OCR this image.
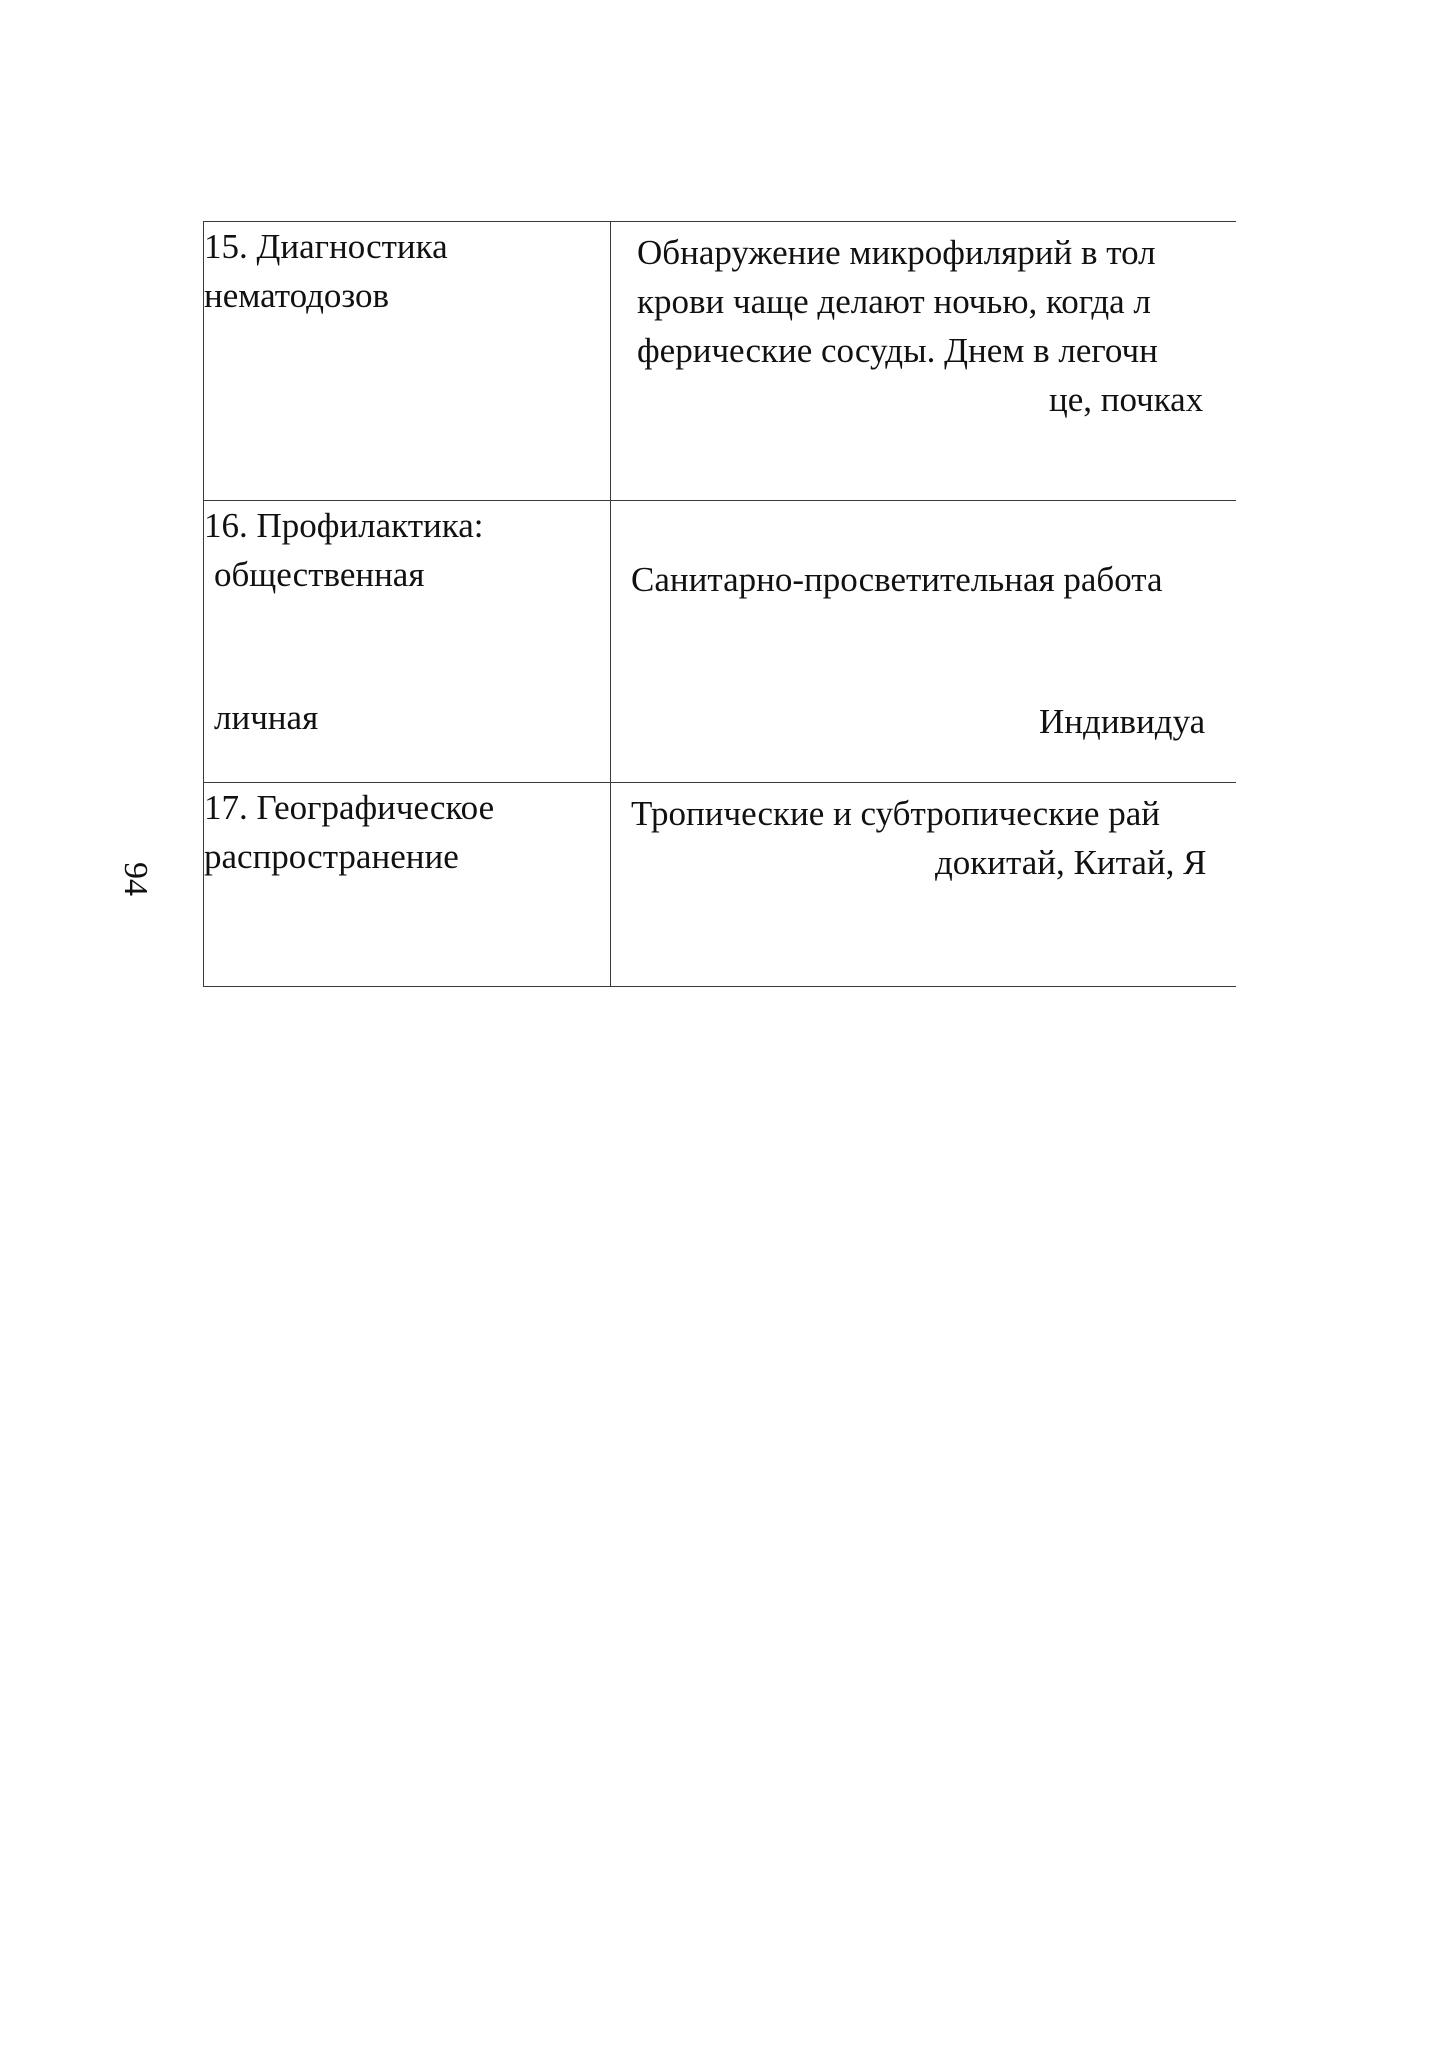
94
15. Диагностика
нематодозов	Обнаружение микрофилярий в тол
крови чаще делают ночью, когда л
ферические сосуды. Днем в легочн
це, почках

16. Профилактика:
общественная
личная	Санитарно-просветительная работа
Индивидуа

17. Географическое
распространение	Тропические и субтропические рай
докитай, Китай, Я
